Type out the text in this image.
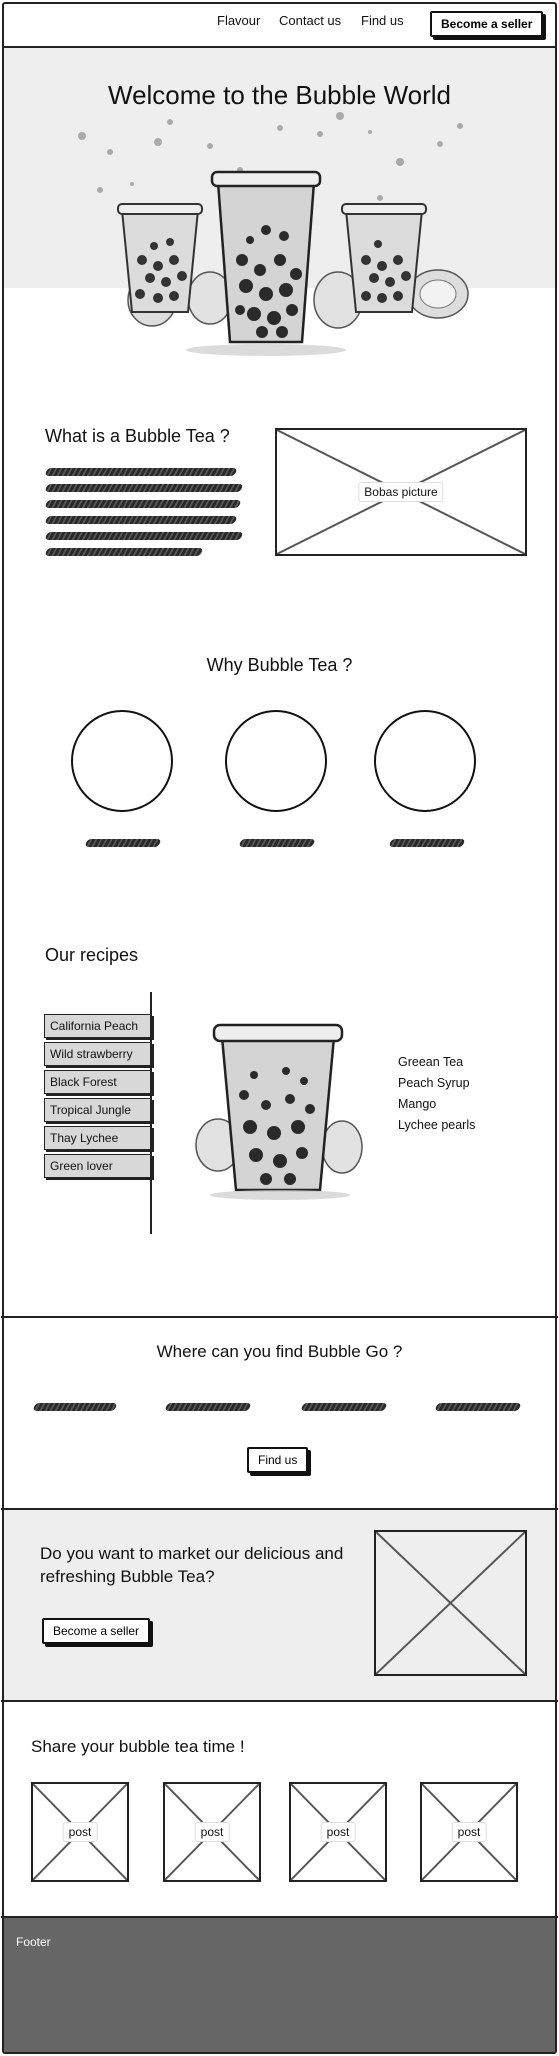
Flavour Contact us Find us	Become a seller
Welcome to the Bubble World
What is a Bubble Tea ?
Bobas picture
Why Bubble Tea ?
Our recipes
California Peach
Wild strawberry
Black Forest
Tropical Jungle
Thay Lychee
Green lover
Greean Tea
Peach Syrup
Mango
Lychee pearls
Where can you find Bubble Go ?
Find us
Do you want to market our delicious and refreshing Bubble Tea?
Become a seller
Share your bubble tea time !
post	post	post	post
Footer
